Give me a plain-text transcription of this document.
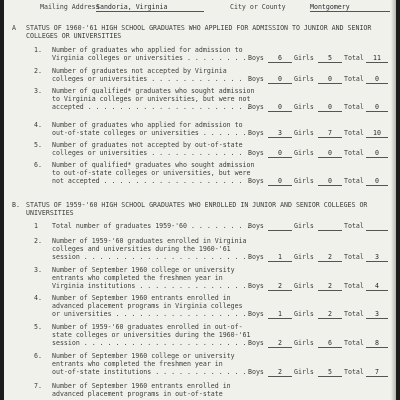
Mailing Address
Sandoria, Virginia	City or County	Montgomery
A STATUS OF 1960-'61 HIGH SCHOOL GRADUATES WHO APPLIED FOR ADMISSION TO JUNIOR AND SENIOR COLLEGES OR UNIVERSITIES
1. Number of graduates who applied for admission to
Virginia colleges or universities . . . . . . . . Boys	6	Girls	5	Total	11
2. Number of graduates not accepted by Virginia
colleges or universities . . . . . . . . . . . . Boys	0	Girls	0	Total	0
3. Number of qualified* graduates who sought admission
to Virginia colleges or universities, but were not
accepted . . . . . . . . . . . . . . . . . . . . .
Boys	0	Girls	0	Total	0
4. Number of graduates who applied for admission to
out-of-state colleges or universities . . . . . . Boys	3	Girls	7	Total	10
5. Number of graduates not accepted by out-of-state
colleges or universities . . . . . . . . . . . . Boys	0	Girls	0	Total	0
6. Number of qualified* graduates who sought admission
to out-of-state colleges or universities, but were
not accepted . . . . . . . . . . . . . . . . . . Boys	0	Girls	0	Total	0
B. STATUS OF 1959-'60 HIGH SCHOOL GRADUATES WHO ENROLLED IN JUNIOR AND SENIOR COLLEGES OR UNIVERSITIES
1 Total number of graduates 1959-'60 . . . . . . . .
Boys	Girls	Total
2. Number of 1959-'60 graduates enrolled in Virginia
colleges and universities during the 1960-'61
session . . . . . . . . . . . . . . . . . . . . . Boys	1	Girls	2	Total	3
3. Number of September 1960 college or university
entrants who completed the freshmen year in
Virginia institutions . . . . . . . . . . . . . . Boys	2	Girls	2	Total	4
4. Number of September 1960 entrants enrolled in
advanced placement programs in Virginia colleges
or universities . . . . . . . . . . . . . . . . . Boys	1	Girls	2	Total	3
5. Number of 1959-'60 graduates enrolled in out-of-
state colleges or universities during the 1960-'61
session . . . . . . . . . . . . . . . . . . . . . Boys	2	Girls	6	Total	8
6. Number of September 1960 college or university
entrants who completed the freshmen year in
out-of-state institutions . . . . . . . . . . . . Boys	2	Girls	5	Total	7
7. Number of September 1960 entrants enrolled in
advanced placement programs in out-of-state
